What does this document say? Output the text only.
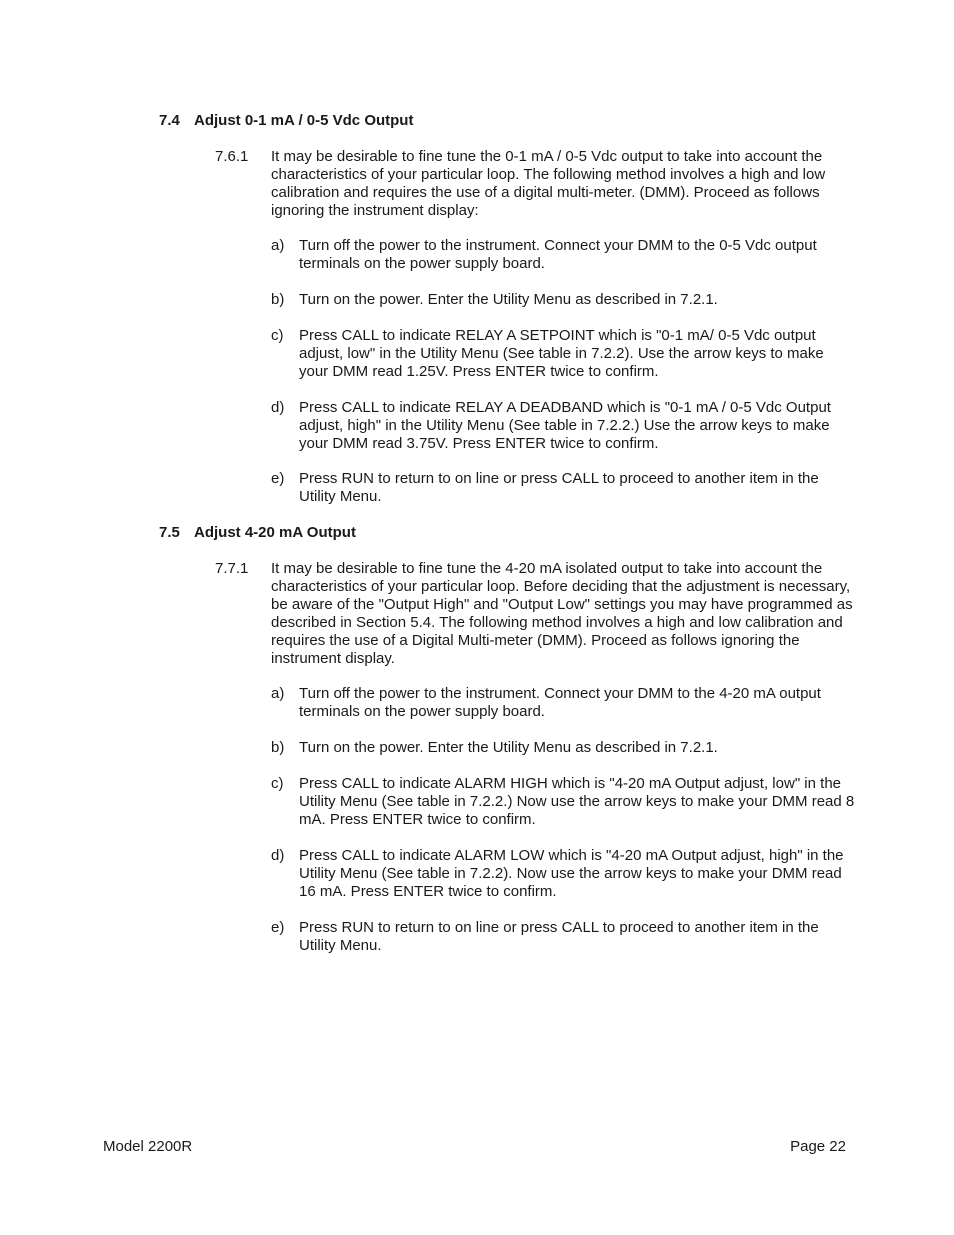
7.4 Adjust 0-1 mA / 0-5 Vdc Output
7.6.1	It may be desirable to fine tune the 0-1 mA / 0-5 Vdc output to take into account the characteristics of your particular loop. The following method involves a high and low calibration and requires the use of a digital multi-meter. (DMM). Proceed as follows ignoring the instrument display:
a) Turn off the power to the instrument. Connect your DMM to the 0-5 Vdc output terminals on the power supply board.
b) Turn on the power. Enter the Utility Menu as described in 7.2.1.
c)	Press CALL to indicate RELAY A SETPOINT which is "0-1 mA/ 0-5 Vdc output adjust, low" in the Utility Menu (See table in 7.2.2). Use the arrow keys to make your DMM read 1.25V. Press ENTER twice to confirm.
d) Press CALL to indicate RELAY A DEADBAND which is "0-1 mA / 0-5 Vdc Output adjust, high" in the Utility Menu (See table in 7.2.2.) Use the arrow keys to make your DMM read 3.75V. Press ENTER twice to confirm.
e) Press RUN to return to on line or press CALL to proceed to another item in the Utility Menu.
7.5 Adjust 4-20 mA Output
7.7.1	It may be desirable to fine tune the 4-20 mA isolated output to take into account the characteristics of your particular loop. Before deciding that the adjustment is necessary, be aware of the "Output High" and "Output Low" settings you may have programmed as described in Section 5.4. The following method involves a high and low calibration and requires the use of a Digital Multi-meter (DMM). Proceed as follows ignoring the instrument display.
a) Turn off the power to the instrument. Connect your DMM to the 4-20 mA output terminals on the power supply board.
b) Turn on the power. Enter the Utility Menu as described in 7.2.1.
c)	Press CALL to indicate ALARM HIGH which is "4-20 mA Output adjust, low" in the Utility Menu (See table in 7.2.2.) Now use the arrow keys to make your DMM read 8 mA. Press ENTER twice to confirm.
d) Press CALL to indicate ALARM LOW which is "4-20 mA Output adjust, high" in the Utility Menu (See table in 7.2.2). Now use the arrow keys to make your DMM read 16 mA. Press ENTER twice to confirm.
e) Press RUN to return to on line or press CALL to proceed to another item in the Utility Menu.
Model 2200R	Page 22
